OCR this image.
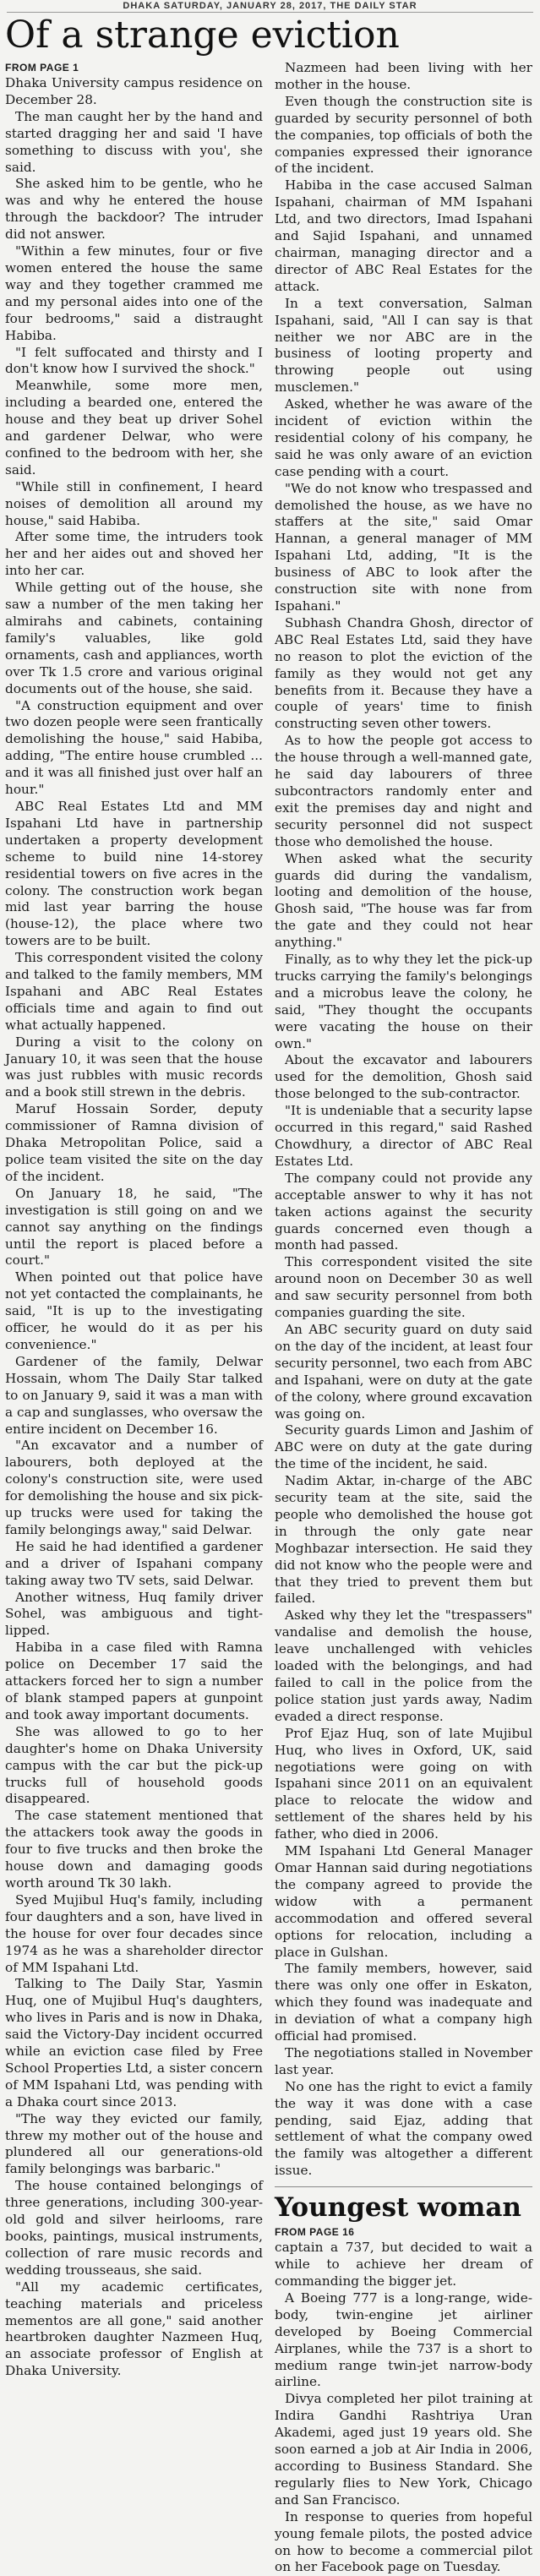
DHAKA SATURDAY, JANUARY 28, 2017, THE DAILY STAR
Of a strange eviction
FROM PAGE 1

Dhaka University campus residence on December 28.

The man caught her by the hand and started dragging her and said 'I have something to discuss with you', she said.

She asked him to be gentle, who he was and why he entered the house through the backdoor? The intruder did not answer.

"Within a few minutes, four or five women entered the house the same way and they together crammed me and my personal aides into one of the four bedrooms," said a distraught Habiba.

"I felt suffocated and thirsty and I don't know how I survived the shock."

Meanwhile, some more men, including a bearded one, entered the house and they beat up driver Sohel and gardener Delwar, who were confined to the bedroom with her, she said.

"While still in confinement, I heard noises of demolition all around my house," said Habiba.

After some time, the intruders took her and her aides out and shoved her into her car.

While getting out of the house, she saw a number of the men taking her almirahs and cabinets, containing family's valuables, like gold ornaments, cash and appliances, worth over Tk 1.5 crore and various original documents out of the house, she said.

"A construction equipment and over two dozen people were seen frantically demolishing the house," said Habiba, adding, "The entire house crumbled ... and it was all finished just over half an hour."

ABC Real Estates Ltd and MM Ispahani Ltd have in partnership undertaken a property development scheme to build nine 14-storey residential towers on five acres in the colony. The construction work began mid last year barring the house (house-12), the place where two towers are to be built.

This correspondent visited the colony and talked to the family members, MM Ispahani and ABC Real Estates officials time and again to find out what actually happened.

During a visit to the colony on January 10, it was seen that the house was just rubbles with music records and a book still strewn in the debris.

Maruf Hossain Sorder, deputy commissioner of Ramna division of Dhaka Metropolitan Police, said a police team visited the site on the day of the incident.

On January 18, he said, "The investigation is still going on and we cannot say anything on the findings until the report is placed before a court."

When pointed out that police have not yet contacted the complainants, he said, "It is up to the investigating officer, he would do it as per his convenience."

Gardener of the family, Delwar Hossain, whom The Daily Star talked to on January 9, said it was a man with a cap and sunglasses, who oversaw the entire incident on December 16.

"An excavator and a number of labourers, both deployed at the colony's construction site, were used for demolishing the house and six pick-up trucks were used for taking the family belongings away," said Delwar.

He said he had identified a gardener and a driver of Ispahani company taking away two TV sets, said Delwar.

Another witness, Huq family driver Sohel, was ambiguous and tight-lipped.

Habiba in a case filed with Ramna police on December 17 said the attackers forced her to sign a number of blank stamped papers at gunpoint and took away important documents.

She was allowed to go to her daughter's home on Dhaka University campus with the car but the pick-up trucks full of household goods disappeared.

The case statement mentioned that the attackers took away the goods in four to five trucks and then broke the house down and damaging goods worth around Tk 30 lakh.

Syed Mujibul Huq's family, including four daughters and a son, have lived in the house for over four decades since 1974 as he was a shareholder director of MM Ispahani Ltd.

Talking to The Daily Star, Yasmin Huq, one of Mujibul Huq's daughters, who lives in Paris and is now in Dhaka, said the Victory-Day incident occurred while an eviction case filed by Free School Properties Ltd, a sister concern of MM Ispahani Ltd, was pending with a Dhaka court since 2013.

"The way they evicted our family, threw my mother out of the house and plundered all our generations-old family belongings was barbaric."

The house contained belongings of three generations, including 300-year-old gold and silver heirlooms, rare books, paintings, musical instruments, collection of rare music records and wedding trousseaus, she said.

"All my academic certificates, teaching materials and priceless mementos are all gone," said another heartbroken daughter Nazmeen Huq, an associate professor of English at Dhaka University.

Nazmeen had been living with her mother in the house.

Even though the construction site is guarded by security personnel of both the companies, top officials of both the companies expressed their ignorance of the incident.

Habiba in the case accused Salman Ispahani, chairman of MM Ispahani Ltd, and two directors, Imad Ispahani and Sajid Ispahani, and unnamed chairman, managing director and a director of ABC Real Estates for the attack.

In a text conversation, Salman Ispahani, said, "All I can say is that neither we nor ABC are in the business of looting property and throwing people out using musclemen."

Asked, whether he was aware of the incident of eviction within the residential colony of his company, he said he was only aware of an eviction case pending with a court.

"We do not know who trespassed and demolished the house, as we have no staffers at the site," said Omar Hannan, a general manager of MM Ispahani Ltd, adding, "It is the business of ABC to look after the construction site with none from Ispahani."

Subhash Chandra Ghosh, director of ABC Real Estates Ltd, said they have no reason to plot the eviction of the family as they would not get any benefits from it. Because they have a couple of years' time to finish constructing seven other towers.

As to how the people got access to the house through a well-manned gate, he said day labourers of three subcontractors randomly enter and exit the premises day and night and security personnel did not suspect those who demolished the house.

When asked what the security guards did during the vandalism, looting and demolition of the house, Ghosh said, "The house was far from the gate and they could not hear anything."

Finally, as to why they let the pick-up trucks carrying the family's belongings and a microbus leave the colony, he said, "They thought the occupants were vacating the house on their own."

About the excavator and labourers used for the demolition, Ghosh said those belonged to the sub-contractor.

"It is undeniable that a security lapse occurred in this regard," said Rashed Chowdhury, a director of ABC Real Estates Ltd.

The company could not provide any acceptable answer to why it has not taken actions against the security guards concerned even though a month had passed.

This correspondent visited the site around noon on December 30 as well and saw security personnel from both companies guarding the site.

An ABC security guard on duty said on the day of the incident, at least four security personnel, two each from ABC and Ispahani, were on duty at the gate of the colony, where ground excavation was going on.

Security guards Limon and Jashim of ABC were on duty at the gate during the time of the incident, he said.

Nadim Aktar, in-charge of the ABC security team at the site, said the people who demolished the house got in through the only gate near Moghbazar intersection. He said they did not know who the people were and that they tried to prevent them but failed.

Asked why they let the "trespassers" vandalise and demolish the house, leave unchallenged with vehicles loaded with the belongings, and had failed to call in the police from the police station just yards away, Nadim evaded a direct response.

Prof Ejaz Huq, son of late Mujibul Huq, who lives in Oxford, UK, said negotiations were going on with Ispahani since 2011 on an equivalent place to relocate the widow and settlement of the shares held by his father, who died in 2006.

MM Ispahani Ltd General Manager Omar Hannan said during negotiations the company agreed to provide the widow with a permanent accommodation and offered several options for relocation, including a place in Gulshan.

The family members, however, said there was only one offer in Eskaton, which they found was inadequate and in deviation of what a company high official had promised.

The negotiations stalled in November last year.

No one has the right to evict a family the way it was done with a case pending, said Ejaz, adding that settlement of what the company owed the family was altogether a different issue.

Youngest woman
FROM PAGE 16

captain a 737, but decided to wait a while to achieve her dream of commanding the bigger jet.

A Boeing 777 is a long-range, wide-body, twin-engine jet airliner developed by Boeing Commercial Airplanes, while the 737 is a short to medium range twin-jet narrow-body airline.

Divya completed her pilot training at Indira Gandhi Rashtriya Uran Akademi, aged just 19 years old. She soon earned a job at Air India in 2006, according to Business Standard. She regularly flies to New York, Chicago and San Francisco.

In response to queries from hopeful young female pilots, the posted advice on how to become a commercial pilot on her Facebook page on Tuesday.
